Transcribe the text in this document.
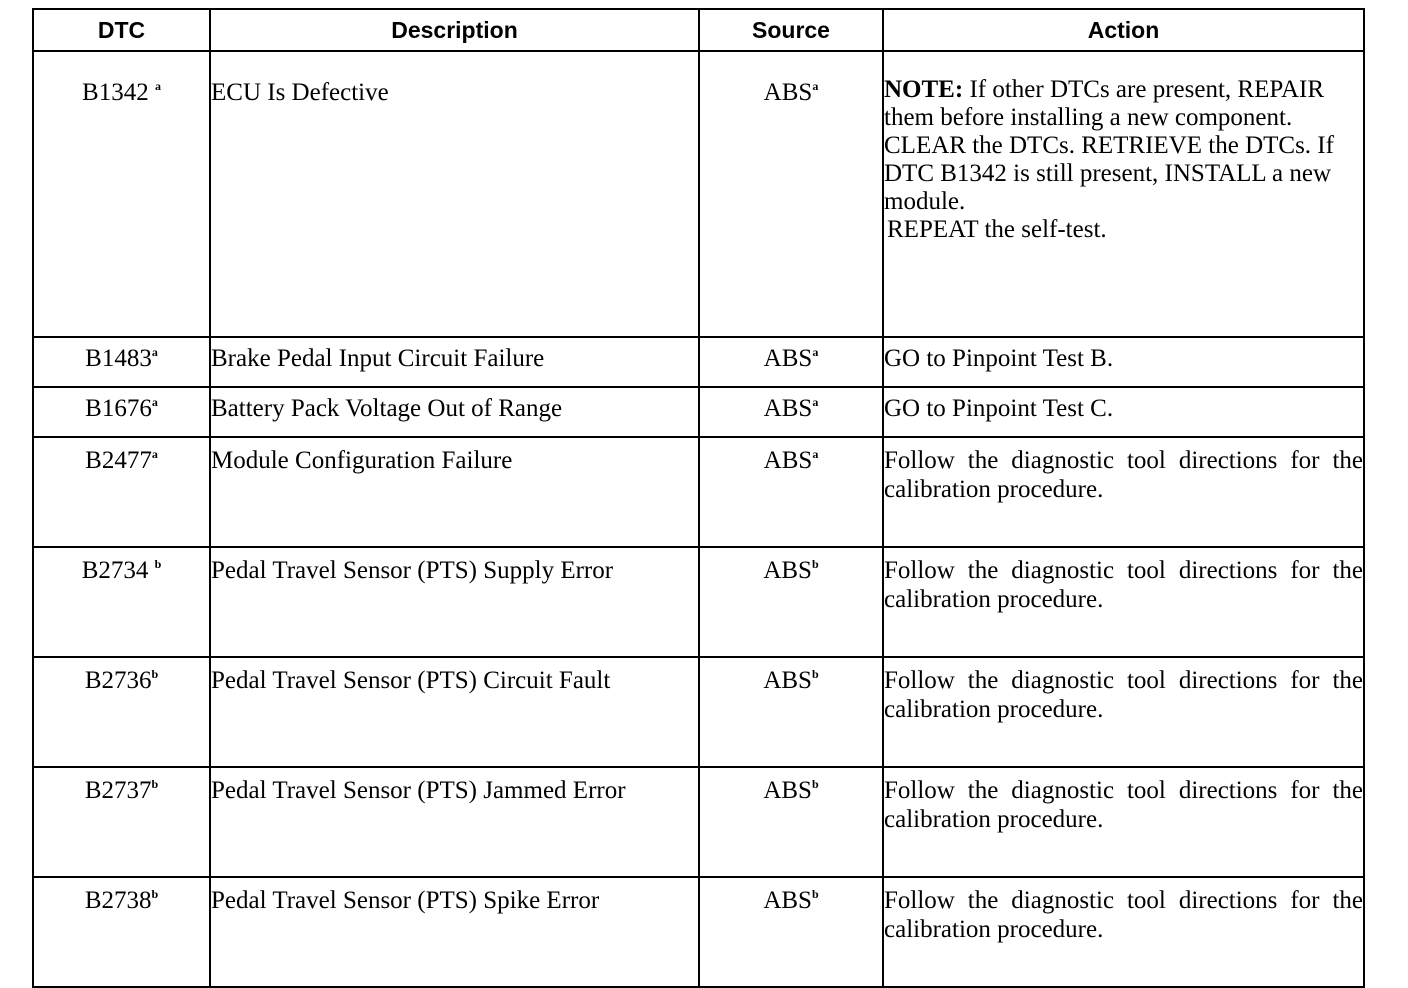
DTC	Description	Source	Action
B1342 $^a$	ECU Is Defective	ABS$^a$	NOTE: If other DTCs are present, REPAIR them before installing a new component.
CLEAR the DTCs. RETRIEVE the DTCs. If DTC B1342 is still present, INSTALL a new module.
REPEAT the self-test.

B1483$^a$	Brake Pedal Input Circuit Failure	ABS$^a$	GO to Pinpoint Test B.
B1676$^a$	Battery Pack Voltage Out of Range	ABS$^a$	GO to Pinpoint Test C.
B2477$^a$	Module Configuration Failure	ABS$^a$	Follow the diagnostic tool directions for the calibration procedure.
B2734 $^b$	Pedal Travel Sensor (PTS) Supply Error	ABS$^b$	Follow the diagnostic tool directions for the calibration procedure.
B2736$^b$	Pedal Travel Sensor (PTS) Circuit Fault	ABS$^b$	Follow the diagnostic tool directions for the calibration procedure.
B2737$^b$	Pedal Travel Sensor (PTS) Jammed Error	ABS$^b$	Follow the diagnostic tool directions for the calibration procedure.
B2738$^b$	Pedal Travel Sensor (PTS) Spike Error	ABS$^b$	Follow the diagnostic tool directions for the calibration procedure.
